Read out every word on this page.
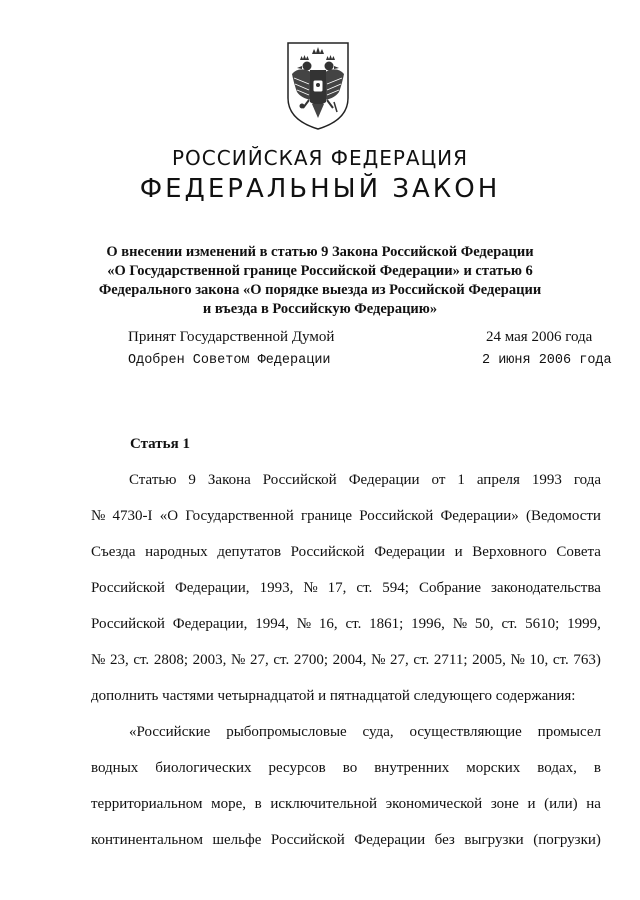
РОССИЙСКАЯ ФЕДЕРАЦИЯ
ФЕДЕРАЛЬНЫЙ ЗАКОН
О внесении изменений в статью 9 Закона Российской Федерации
«О Государственной границе Российской Федерации» и статью 6
Федерального закона «О порядке выезда из Российской Федерации
и въезда в Российскую Федерацию»
Принят Государственной Думой	24 мая 2006 года
Одобрен Советом Федерации	2 июня 2006 года
Статья 1
Статью 9 Закона Российской Федерации от 1 апреля 1993 года
№ 4730-I «О Государственной границе Российской Федерации» (Ведомости
Съезда народных депутатов Российской Федерации и Верховного Совета
Российской Федерации, 1993, № 17, ст. 594; Собрание законодательства
Российской Федерации, 1994, № 16, ст. 1861; 1996, № 50, ст. 5610; 1999,
№ 23, ст. 2808; 2003, № 27, ст. 2700; 2004, № 27, ст. 2711; 2005, № 10, ст. 763)
дополнить частями четырнадцатой и пятнадцатой следующего содержания:
«Российские рыбопромысловые суда, осуществляющие промысел
водных биологических ресурсов во внутренних морских водах, в
территориальном море, в исключительной экономической зоне и (или) на
континентальном шельфе Российской Федерации без выгрузки (погрузки)
